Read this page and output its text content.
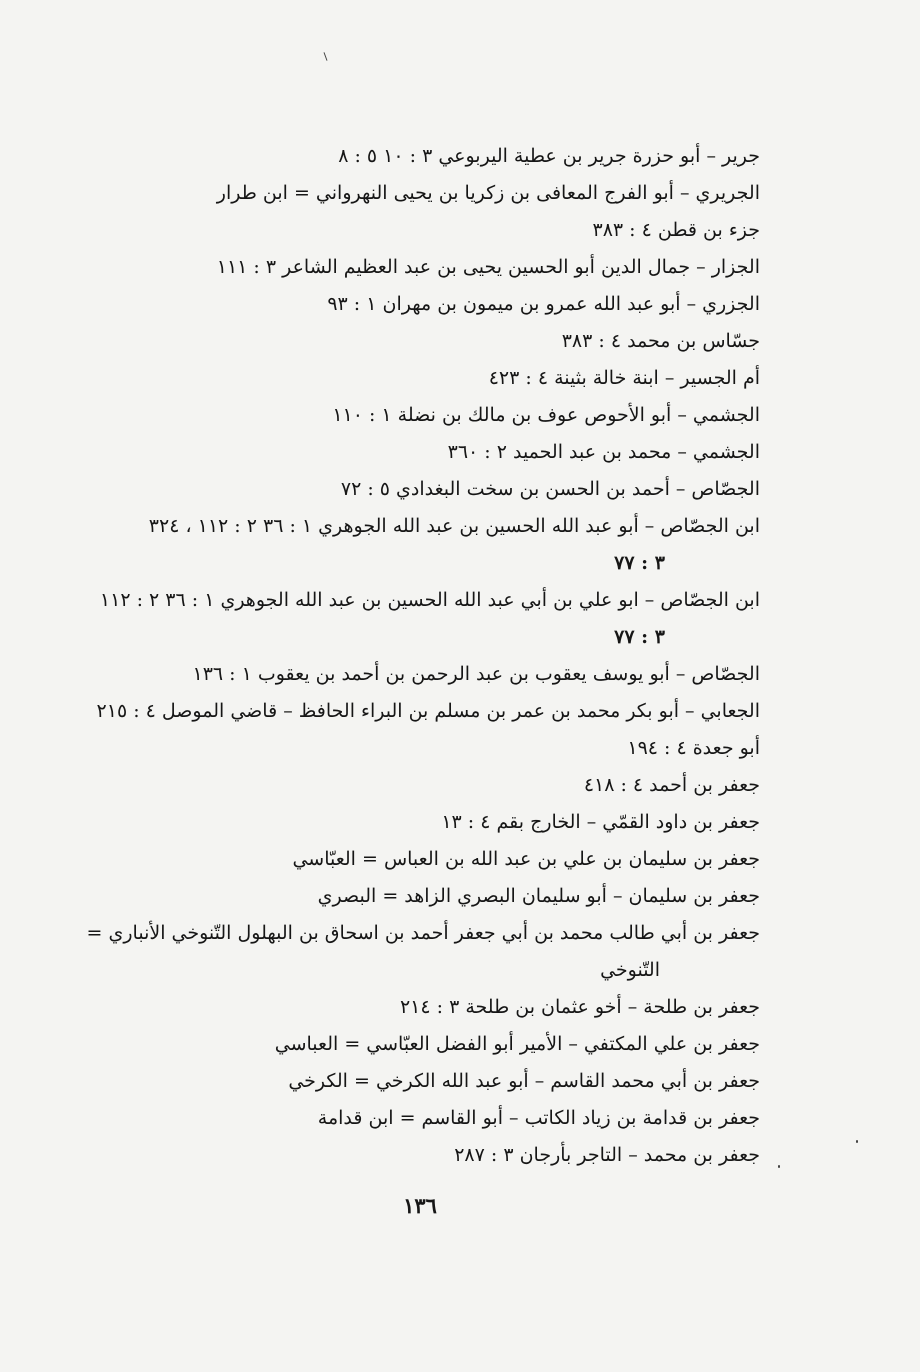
جرير – أبو حزرة جرير بن عطية اليربوعي ٣ : ١٠ ٥ : ٨
الجريري – أبو الفرج المعافى بن زكريا بن يحيى النهرواني = ابن طرار
جزء بن قطن ٤ : ٣٨٣
الجزار – جمال الدين أبو الحسين يحيى بن عبد العظيم الشاعر ٣ : ١١١
الجزري – أبو عبد الله عمرو بن ميمون بن مهران ١ : ٩٣
جسّاس بن محمد ٤ : ٣٨٣
أم الجسير – ابنة خالة بثينة ٤ : ٤٢٣
الجشمي – أبو الأحوص عوف بن مالك بن نضلة ١ : ١١٠
الجشمي – محمد بن عبد الحميد ٢ : ٣٦٠
الجصّاص – أحمد بن الحسن بن سخت البغدادي ٥ : ٧٢
ابن الجصّاص – أبو عبد الله الحسين بن عبد الله الجوهري ١ : ٣٦ ٢ : ١١٢ ، ٣٢٤
٣ : ٧٧
ابن الجصّاص – ابو علي بن أبي عبد الله الحسين بن عبد الله الجوهري ١ : ٣٦ ٢ : ١١٢
٣ : ٧٧
الجصّاص – أبو يوسف يعقوب بن عبد الرحمن بن أحمد بن يعقوب ١ : ١٣٦
الجعابي – أبو بكر محمد بن عمر بن مسلم بن البراء الحافظ – قاضي الموصل ٤ : ٢١٥
أبو جعدة ٤ : ١٩٤
جعفر بن أحمد ٤ : ٤١٨
جعفر بن داود القمّي – الخارج بقم ٤ : ١٣
جعفر بن سليمان بن علي بن عبد الله بن العباس = العبّاسي
جعفر بن سليمان – أبو سليمان البصري الزاهد = البصري
جعفر بن أبي طالب محمد بن أبي جعفر أحمد بن اسحاق بن البهلول التّنوخي الأنباري =
التّنوخي
جعفر بن طلحة – أخو عثمان بن طلحة ٣ : ٢١٤
جعفر بن علي المكتفي – الأمير أبو الفضل العبّاسي = العباسي
جعفر بن أبي محمد القاسم – أبو عبد الله الكرخي = الكرخي
جعفر بن قدامة بن زياد الكاتب – أبو القاسم = ابن قدامة
جعفر بن محمد – التاجر بأرجان ٣ : ٢٨٧
١٣٦
